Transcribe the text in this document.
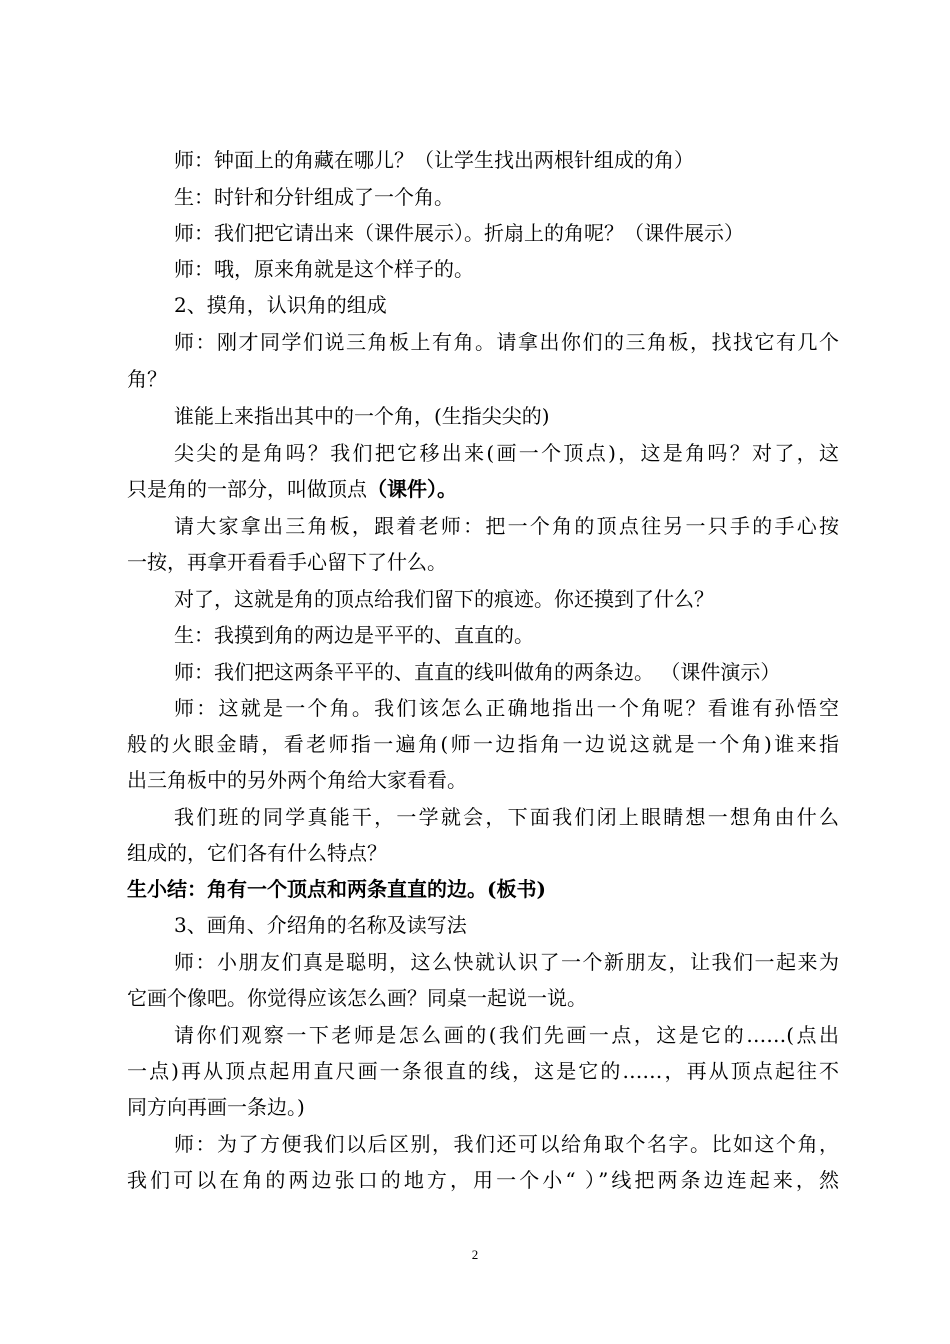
师：钟面上的角藏在哪儿？（让学生找出两根针组成的角）
生：时针和分针组成了一个角。
师：我们把它请出来（课件展示）。折扇上的角呢？（课件展示）
师：哦，原来角就是这个样子的。
2、摸角，认识角的组成
师：刚才同学们说三角板上有角。请拿出你们的三角板，找找它有几个
角？
谁能上来指出其中的一个角，(生指尖尖的)
尖尖的是角吗？我们把它移出来(画一个顶点)，这是角吗？对了，这
只是角的一部分，叫做顶点（课件）。
请大家拿出三角板，跟着老师：把一个角的顶点往另一只手的手心按
一按，再拿开看看手心留下了什么。
对了，这就是角的顶点给我们留下的痕迹。你还摸到了什么？
生：我摸到角的两边是平平的、直直的。
师：我们把这两条平平的、直直的线叫做角的两条边。 （课件演示）
师：这就是一个角。我们该怎么正确地指出一个角呢？看谁有孙悟空
般的火眼金睛，看老师指一遍角(师一边指角一边说这就是一个角)谁来指
出三角板中的另外两个角给大家看看。
我们班的同学真能干，一学就会，下面我们闭上眼睛想一想角由什么
组成的，它们各有什么特点？
生小结：角有一个顶点和两条直直的边。(板书)
3、画角、介绍角的名称及读写法
师：小朋友们真是聪明，这么快就认识了一个新朋友，让我们一起来为
它画个像吧。你觉得应该怎么画？同桌一起说一说。
请你们观察一下老师是怎么画的(我们先画一点，这是它的……(点出
一点)再从顶点起用直尺画一条很直的线，这是它的……，再从顶点起往不
同方向再画一条边。)
师：为了方便我们以后区别，我们还可以给角取个名字。比如这个角，
我们可以在角的两边张口的地方，用一个小“ ）”线把两条边连起来，然
2
